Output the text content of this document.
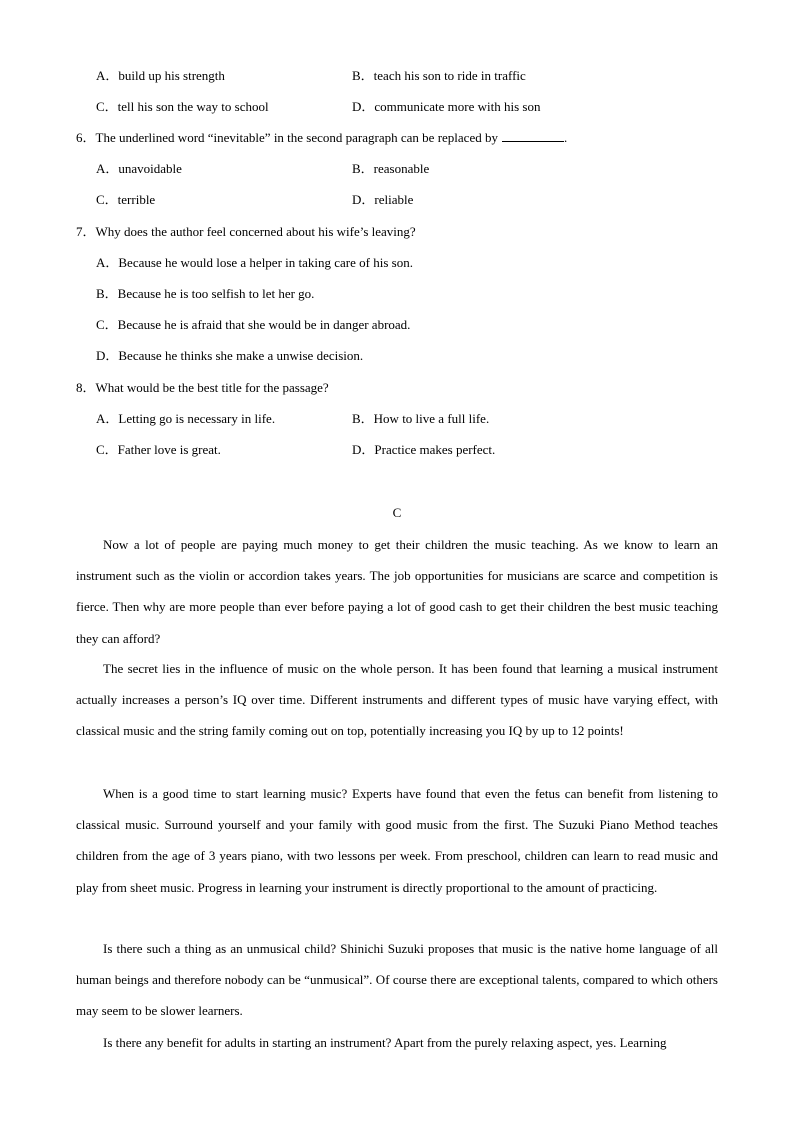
A．build up his strength	B．teach his son to ride in traffic
C．tell his son the way to school	D．communicate more with his son
6．The underlined word “inevitable” in the second paragraph can be replaced by	.
A．unavoidable	B．reasonable
C．terrible	D．reliable
7．Why does the author feel concerned about his wife’s leaving?
A．Because he would lose a helper in taking care of his son.
B．Because he is too selfish to let her go.
C．Because he is afraid that she would be in danger abroad.
D．Because he thinks she make a unwise decision.
8．What would be the best title for the passage?
A．Letting go is necessary in life.	B．How to live a full life.
C．Father love is great.	D．Practice makes perfect.
C

Now a lot of people are paying much money to get their children the music teaching. As we know to learn an instrument such as the violin or accordion takes years. The job opportunities for musicians are scarce and competition is fierce. Then why are more people than ever before paying a lot of good cash to get their children the best music teaching they can afford?

The secret lies in the influence of music on the whole person. It has been found that learning a musical instrument actually increases a person’s IQ over time. Different instruments and different types of music have varying effect, with classical music and the string family coming out on top, potentially increasing you IQ by up to 12 points!

When is a good time to start learning music? Experts have found that even the fetus can benefit from listening to classical music. Surround yourself and your family with good music from the first. The Suzuki Piano Method teaches children from the age of 3 years piano, with two lessons per week. From preschool, children can learn to read music and play from sheet music. Progress in learning your instrument is directly proportional to the amount of practicing.

Is there such a thing as an unmusical child? Shinichi Suzuki proposes that music is the native home language of all human beings and therefore nobody can be “unmusical”. Of course there are exceptional talents, compared to which others may seem to be slower learners.

Is there any benefit for adults in starting an instrument? Apart from the purely relaxing aspect, yes. Learning
